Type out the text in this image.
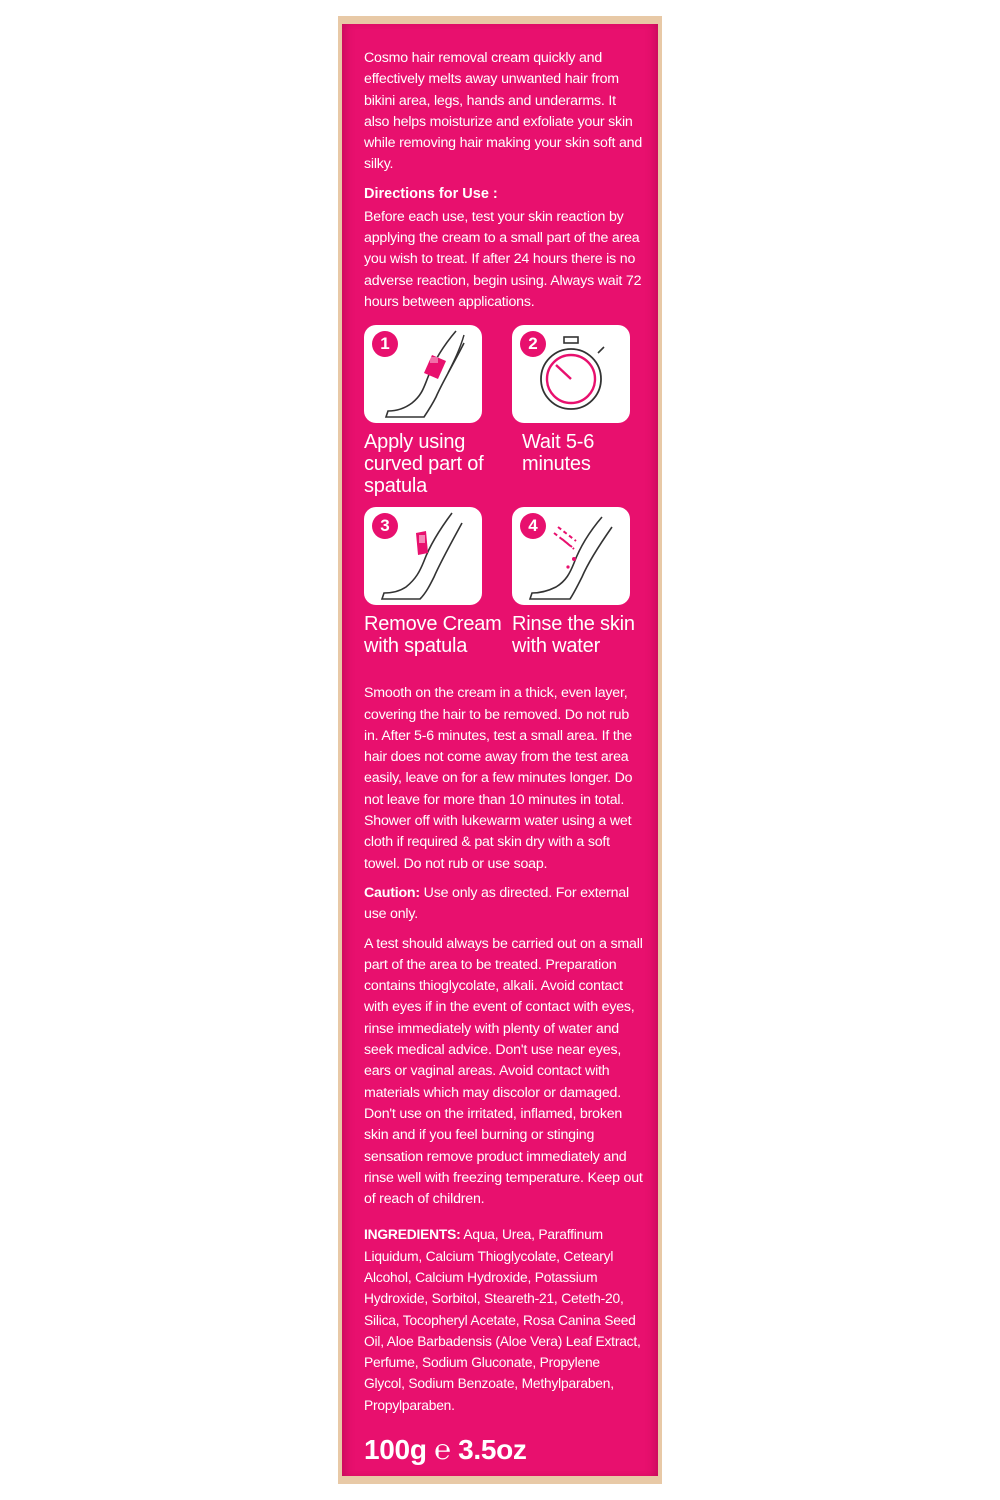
Cosmo hair removal cream quickly and effectively melts away unwanted hair from bikini area, legs, hands and underarms. It also helps moisturize and exfoliate your skin while removing hair making your skin soft and silky.

Directions for Use :

Before each use, test your skin reaction by applying the cream to a small part of the area you wish to treat. If after 24 hours there is no adverse reaction, begin using. Always wait 72 hours between applications.

1
Apply using curved part of spatula
2
Wait 5-6 minutes
3
Remove Cream with spatula
4
Rinse the skin with water

Smooth on the cream in a thick, even layer, covering the hair to be removed. Do not rub in. After 5-6 minutes, test a small area. If the hair does not come away from the test area easily, leave on for a few minutes longer. Do not leave for more than 10 minutes in total. Shower off with lukewarm water using a wet cloth if required & pat skin dry with a soft towel. Do not rub or use soap.

Caution: Use only as directed. For external use only.

A test should always be carried out on a small part of the area to be treated. Preparation contains thioglycolate, alkali. Avoid contact with eyes if in the event of contact with eyes, rinse immediately with plenty of water and seek medical advice. Don't use near eyes, ears or vaginal areas. Avoid contact with materials which may discolor or damaged. Don't use on the irritated, inflamed, broken skin and if you feel burning or stinging sensation remove product immediately and rinse well with freezing temperature. Keep out of reach of children.

INGREDIENTS: Aqua, Urea, Paraffinum Liquidum, Calcium Thioglycolate, Cetearyl Alcohol, Calcium Hydroxide, Potassium Hydroxide, Sorbitol, Steareth-21, Ceteth-20, Silica, Tocopheryl Acetate, Rosa Canina Seed Oil, Aloe Barbadensis (Aloe Vera) Leaf Extract, Perfume, Sodium Gluconate, Propylene Glycol, Sodium Benzoate, Methylparaben, Propylparaben.

100g ℮ 3.5oz
